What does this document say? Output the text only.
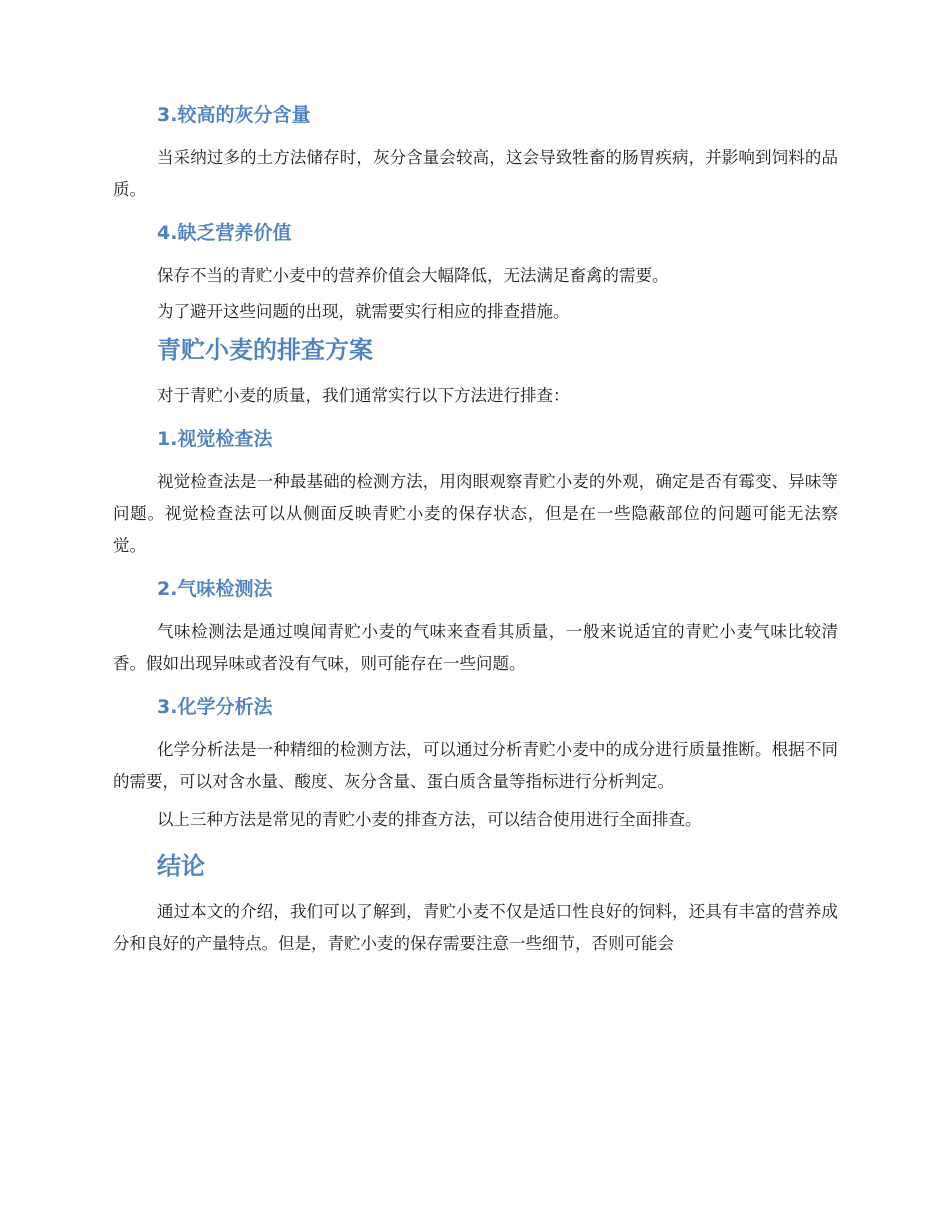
3.较高的灰分含量

当采纳过多的土方法储存时，灰分含量会较高，这会导致牲畜的肠胃疾病，并影响到饲料的品质。

4.缺乏营养价值

保存不当的青贮小麦中的营养价值会大幅降低，无法满足畜禽的需要。

为了避开这些问题的出现，就需要实行相应的排查措施。

青贮小麦的排查方案

对于青贮小麦的质量，我们通常实行以下方法进行排查：

1.视觉检查法

视觉检查法是一种最基础的检测方法，用肉眼观察青贮小麦的外观，确定是否有霉变、异味等问题。视觉检查法可以从侧面反映青贮小麦的保存状态，但是在一些隐蔽部位的问题可能无法察觉。

2.气味检测法

气味检测法是通过嗅闻青贮小麦的气味来查看其质量，一般来说适宜的青贮小麦气味比较清香。假如出现异味或者没有气味，则可能存在一些问题。

3.化学分析法

化学分析法是一种精细的检测方法，可以通过分析青贮小麦中的成分进行质量推断。根据不同的需要，可以对含水量、酸度、灰分含量、蛋白质含量等指标进行分析判定。

以上三种方法是常见的青贮小麦的排查方法，可以结合使用进行全面排查。

结论

通过本文的介绍，我们可以了解到，青贮小麦不仅是适口性良好的饲料，还具有丰富的营养成分和良好的产量特点。但是，青贮小麦的保存需要注意一些细节，否则可能会
